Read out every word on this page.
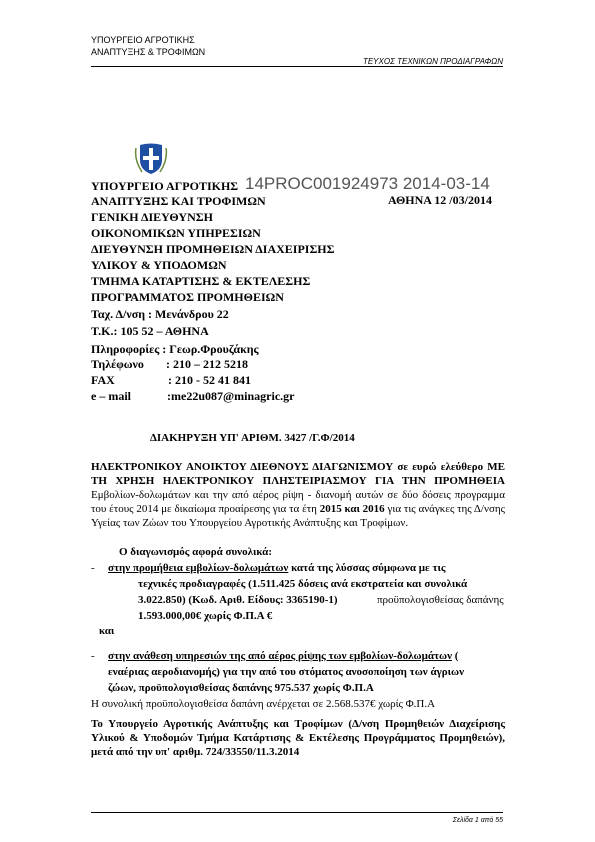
ΥΠΟΥΡΓΕΙΟ ΑΓΡΟΤΙΚΗΣ
ΑΝΑΠΤΥΞΗΣ & ΤΡΟΦΙΜΩΝ
ΤΕΥΧΟΣ ΤΕΧΝΙΚΩΝ ΠΡΟΔΙΑΓΡΑΦΩΝ
14PROC001924973 2014-03-14
ΥΠΟΥΡΓΕΙΟ ΑΓΡΟΤΙΚΗΣ
ΑΝΑΠΤΥΞΗΣ ΚΑΙ ΤΡΟΦΙΜΩΝ	ΑΘΗΝΑ 12 /03/2014
ΓΕΝΙΚΗ ΔΙΕΥΘΥΝΣΗ
ΟΙΚΟΝΟΜΙΚΩΝ ΥΠΗΡΕΣΙΩΝ
ΔΙΕΥΘΥΝΣΗ ΠΡΟΜΗΘΕΙΩΝ ΔΙΑΧΕΙΡΙΣΗΣ
ΥΛΙΚΟΥ & ΥΠΟΔΟΜΩΝ
ΤΜΗΜΑ ΚΑΤΑΡΤΙΣΗΣ & ΕΚΤΕΛΕΣΗΣ
ΠΡΟΓΡΑΜΜΑΤΟΣ ΠΡΟΜΗΘΕΙΩΝ
Ταχ. Δ/νση : Μενάνδρου 22
Τ.Κ.: 105 52 – ΑΘΗΝΑ
Πληροφορίες : Γεωρ.Φρουζάκης
Τηλέφωνο : 210 – 212 5218
FAX	: 210 - 52 41 841
e – mail	:me22u087@minagric.gr
ΔΙΑΚΗΡΥΞΗ ΥΠ' ΑΡΙΘΜ. 3427 /Γ.Φ/2014
ΗΛΕΚΤΡΟΝΙΚΟΥ ΑΝΟΙΚΤΟΥ ΔΙΕΘΝΟΥΣ ΔΙΑΓΩΝΙΣΜΟΥ σε ευρώ ελεύθερο ΜΕ ΤΗ ΧΡΗΣΗ ΗΛΕΚΤΡΟΝΙΚΟΥ ΠΛΗΣΤΕΙΡΙΑΣΜΟΥ ΓΙΑ ΤΗΝ ΠΡΟΜΗΘΕΙΑ Εμβολίων-δολωμάτων και την από αέρος ρίψη - διανομή αυτών σε δύο δόσεις προγραμμα του έτους 2014 με δικαίωμα προαίρεσης για τα έτη 2015 και 2016 για τις ανάγκες της Δ/νσης Υγείας των Ζώων του Υπουργείου Αγροτικής Ανάπτυξης και Τροφίμων.
Ο διαγωνισμός αφορά συνολικά:
- στην προμήθεια εμβολίων-δολωμάτων κατά της λύσσας σύμφωνα με τις
τεχνικές προδιαγραφές (1.511.425 δόσεις ανά εκστρατεία και συνολικά
3.022.850) (Κωδ. Αριθ. Είδους: 3365190-1)	προϋπολογισθείσας δαπάνης
1.593.000,00€ χωρίς Φ.Π.Α €
και
- στην ανάθεση υπηρεσιών της από αέρος ρίψης των εμβολίων-δολωμάτων (
εναέριας αεροδιανομής) για την από του στόματος ανοσοποίηση των άγριων
ζώων, προϋπολογισθείσας δαπάνης 975.537 χωρίς Φ.Π.Α
Η συνολική προϋπολογισθείσα δαπάνη ανέρχεται σε 2.568.537€ χωρίς Φ.Π.Α
Το Υπουργείο Αγροτικής Ανάπτυξης και Τροφίμων (Δ/νση Προμηθειών Διαχείρισης Υλικού & Υποδομών Τμήμα Κατάρτισης & Εκτέλεσης Προγράμματος Προμηθειών), μετά από την υπ' αριθμ. 724/33550/11.3.2014
Σελίδα 1 από 55
